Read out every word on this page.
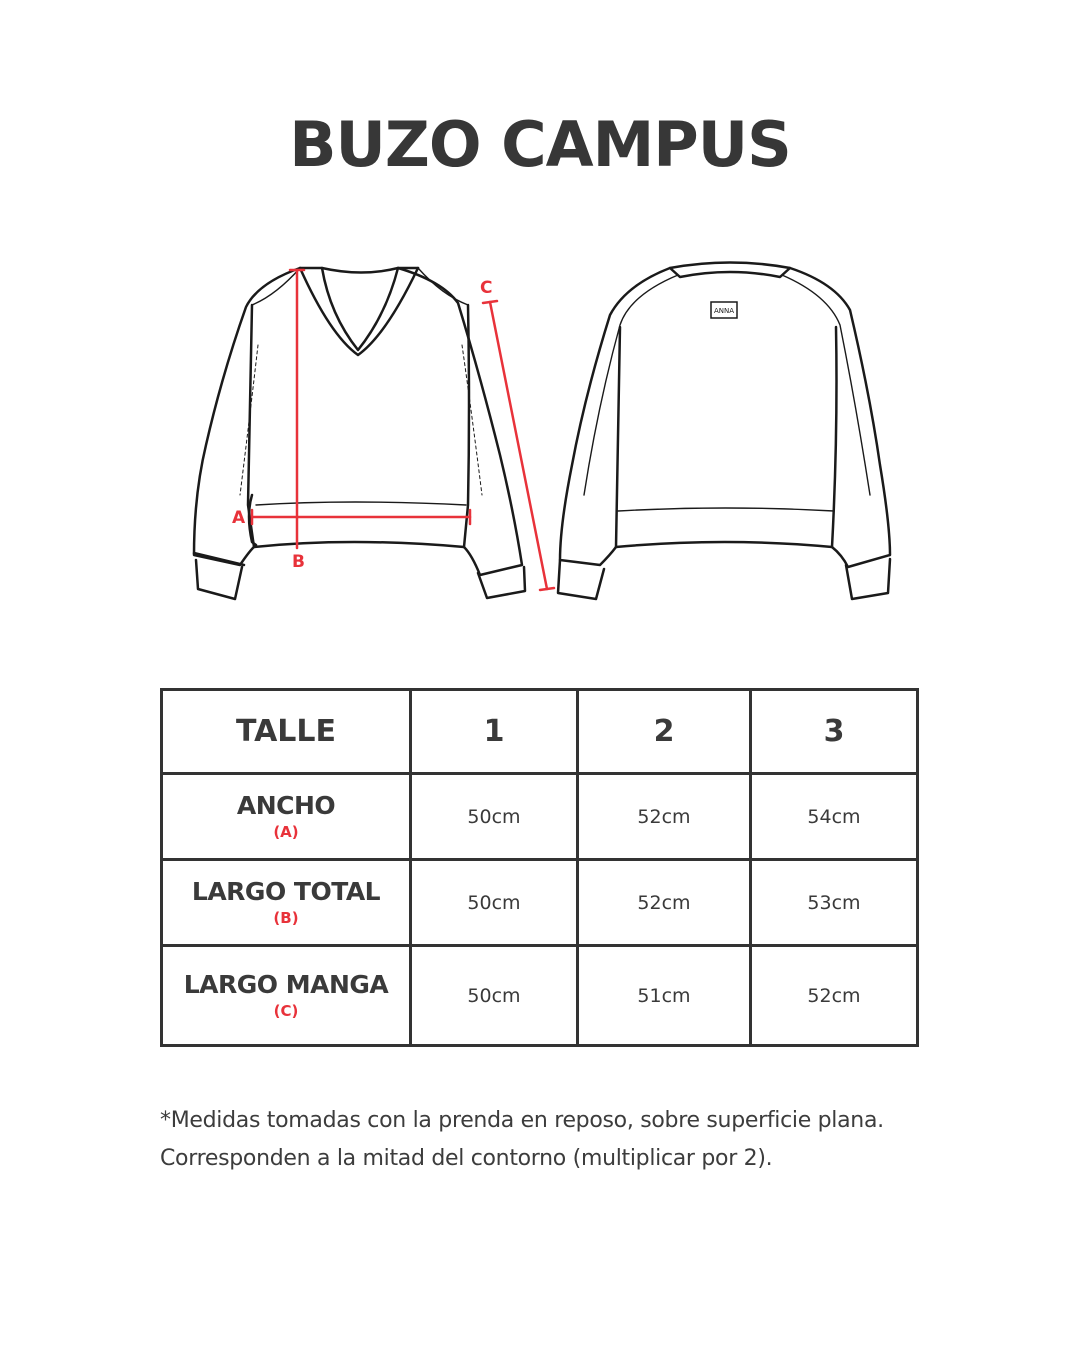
BUZO CAMPUS
A
B
C
ANNA
TALLE	1	2	3

ANCHO
(A)	50cm	52cm	54cm

LARGO TOTAL
(B)	50cm	52cm	53cm

LARGO MANGA
(C)	50cm	51cm	52cm
*Medidas tomadas con la prenda en reposo, sobre superficie plana.
Corresponden a la mitad del contorno (multiplicar por 2).
